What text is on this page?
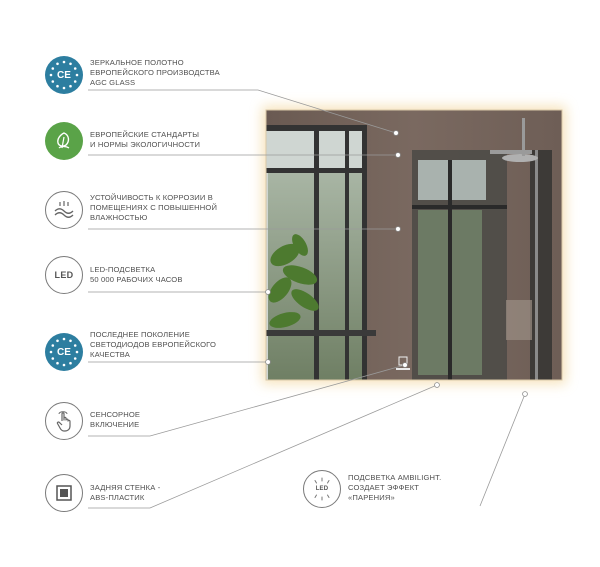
CE
ЗЕРКАЛЬНОЕ ПОЛОТНО
ЕВРОПЕЙСКОГО ПРОИЗВОДСТВА
AGC GLASS
ЕВРОПЕЙСКИЕ СТАНДАРТЫ
И НОРМЫ ЭКОЛОГИЧНОСТИ
УСТОЙЧИВОСТЬ К КОРРОЗИИ В
ПОМЕЩЕНИЯХ С ПОВЫШЕННОЙ
ВЛАЖНОСТЬЮ
LED
LED-ПОДСВЕТКА
50 000 РАБОЧИХ ЧАСОВ
CE
ПОСЛЕДНЕЕ ПОКОЛЕНИЕ
СВЕТОДИОДОВ ЕВРОПЕЙСКОГО
КАЧЕСТВА
СЕНСОРНОЕ
ВКЛЮЧЕНИЕ
ЗАДНЯЯ СТЕНКА -
ABS-ПЛАСТИК
LED
ПОДСВЕТКА AMBILIGHT.
СОЗДАЕТ ЭФФЕКТ
«ПАРЕНИЯ»
